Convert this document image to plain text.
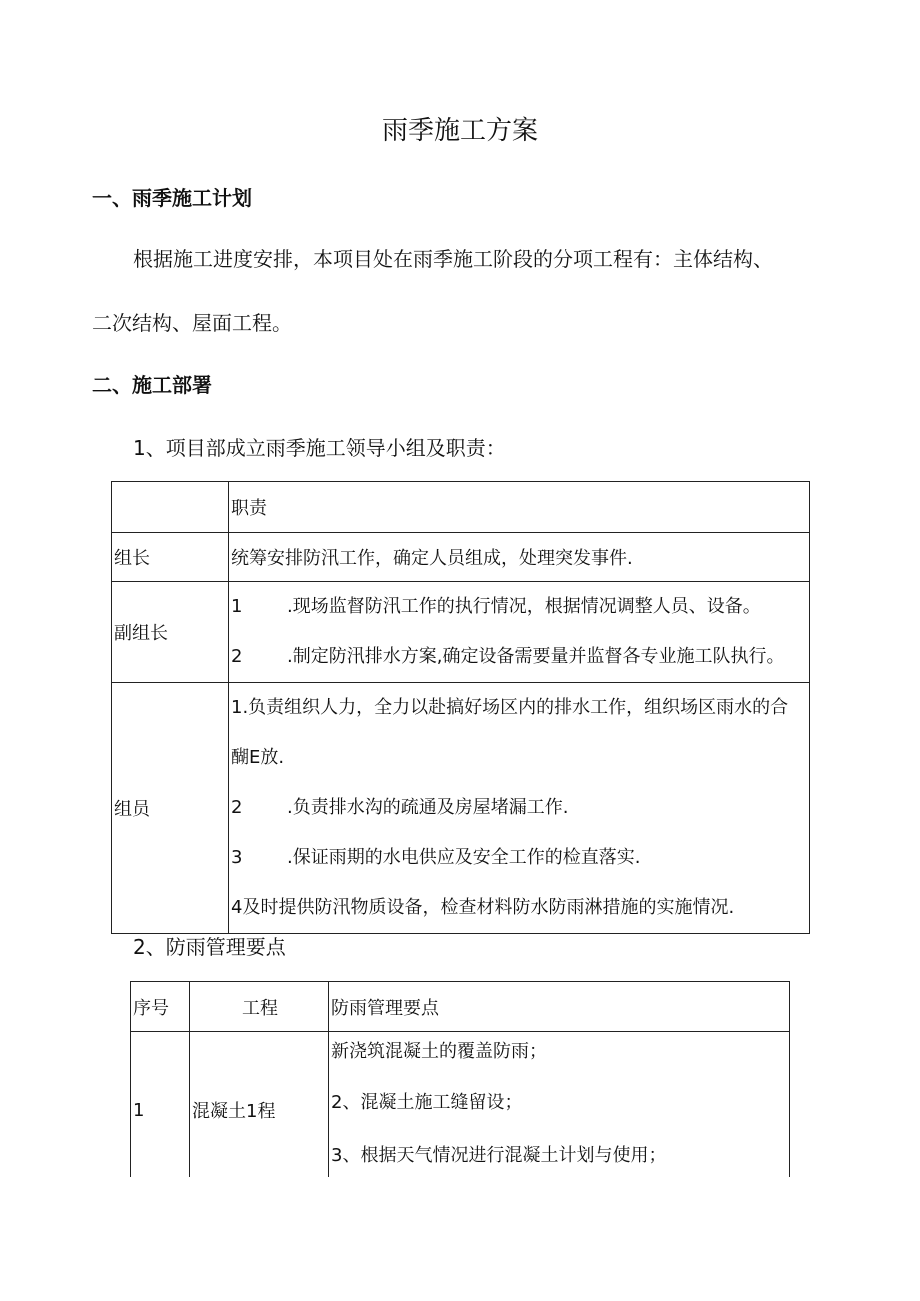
雨季施工方案
一、雨季施工计划
根据施工进度安排，本项目处在雨季施工阶段的分项工程有：主体结构、
二次结构、屋面工程。
二、施工部署
1、项目部成立雨季施工领导小组及职责：
	职责
组长	统筹安排防汛工作，确定人员组成，处理突发事件.
副组长	1 .现场监督防汛工作的执行情况，根据情况调整人员、设备。
2 .制定防汛排水方案,确定设备需要量并监督各专业施工队执行。

组员	1.负责组织人力，全力以赴搞好场区内的排水工作，组织场区雨水的合
醐E放.
2 .负责排水沟的疏通及房屋堵漏工作.
3 .保证雨期的水电供应及安全工作的检直落实.
4及时提供防汛物质设备，检查材料防水防雨淋措施的实施情况.
2、防雨管理要点
序号	工程	防雨管理要点
1	混凝土1程	新浇筑混凝土的覆盖防雨；
2、混凝土施工缝留设；
3、根据天气情况进行混凝土计划与使用；
